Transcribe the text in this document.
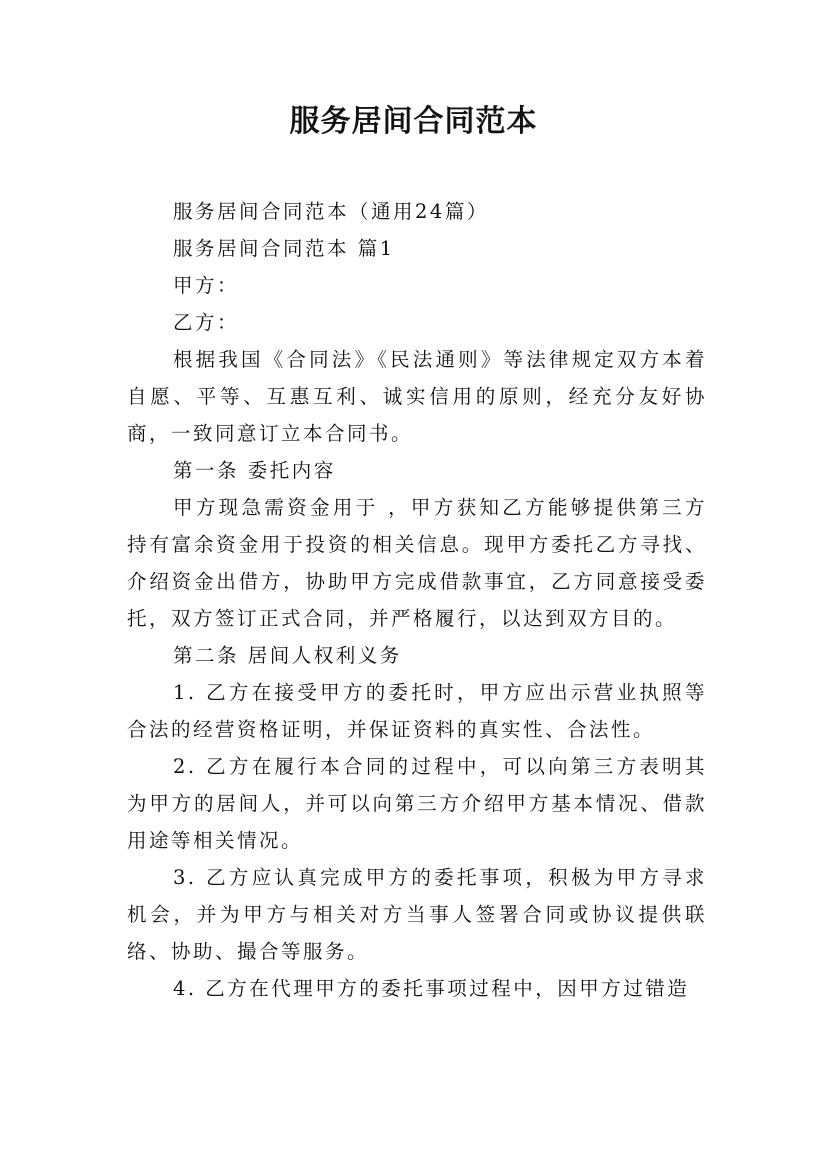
服务居间合同范本

服务居间合同范本（通用24篇）

服务居间合同范本 篇1

甲方：

乙方：

根据我国《合同法》《民法通则》等法律规定双方本着自愿、平等、互惠互利、诚实信用的原则，经充分友好协商，一致同意订立本合同书。

第一条 委托内容

甲方现急需资金用于 ，甲方获知乙方能够提供第三方持有富余资金用于投资的相关信息。现甲方委托乙方寻找、介绍资金出借方，协助甲方完成借款事宜，乙方同意接受委托，双方签订正式合同，并严格履行，以达到双方目的。

第二条 居间人权利义务

1. 乙方在接受甲方的委托时，甲方应出示营业执照等合法的经营资格证明，并保证资料的真实性、合法性。

2. 乙方在履行本合同的过程中，可以向第三方表明其为甲方的居间人，并可以向第三方介绍甲方基本情况、借款用途等相关情况。

3. 乙方应认真完成甲方的委托事项，积极为甲方寻求机会，并为甲方与相关对方当事人签署合同或协议提供联络、协助、撮合等服务。

4. 乙方在代理甲方的委托事项过程中，因甲方过错造
